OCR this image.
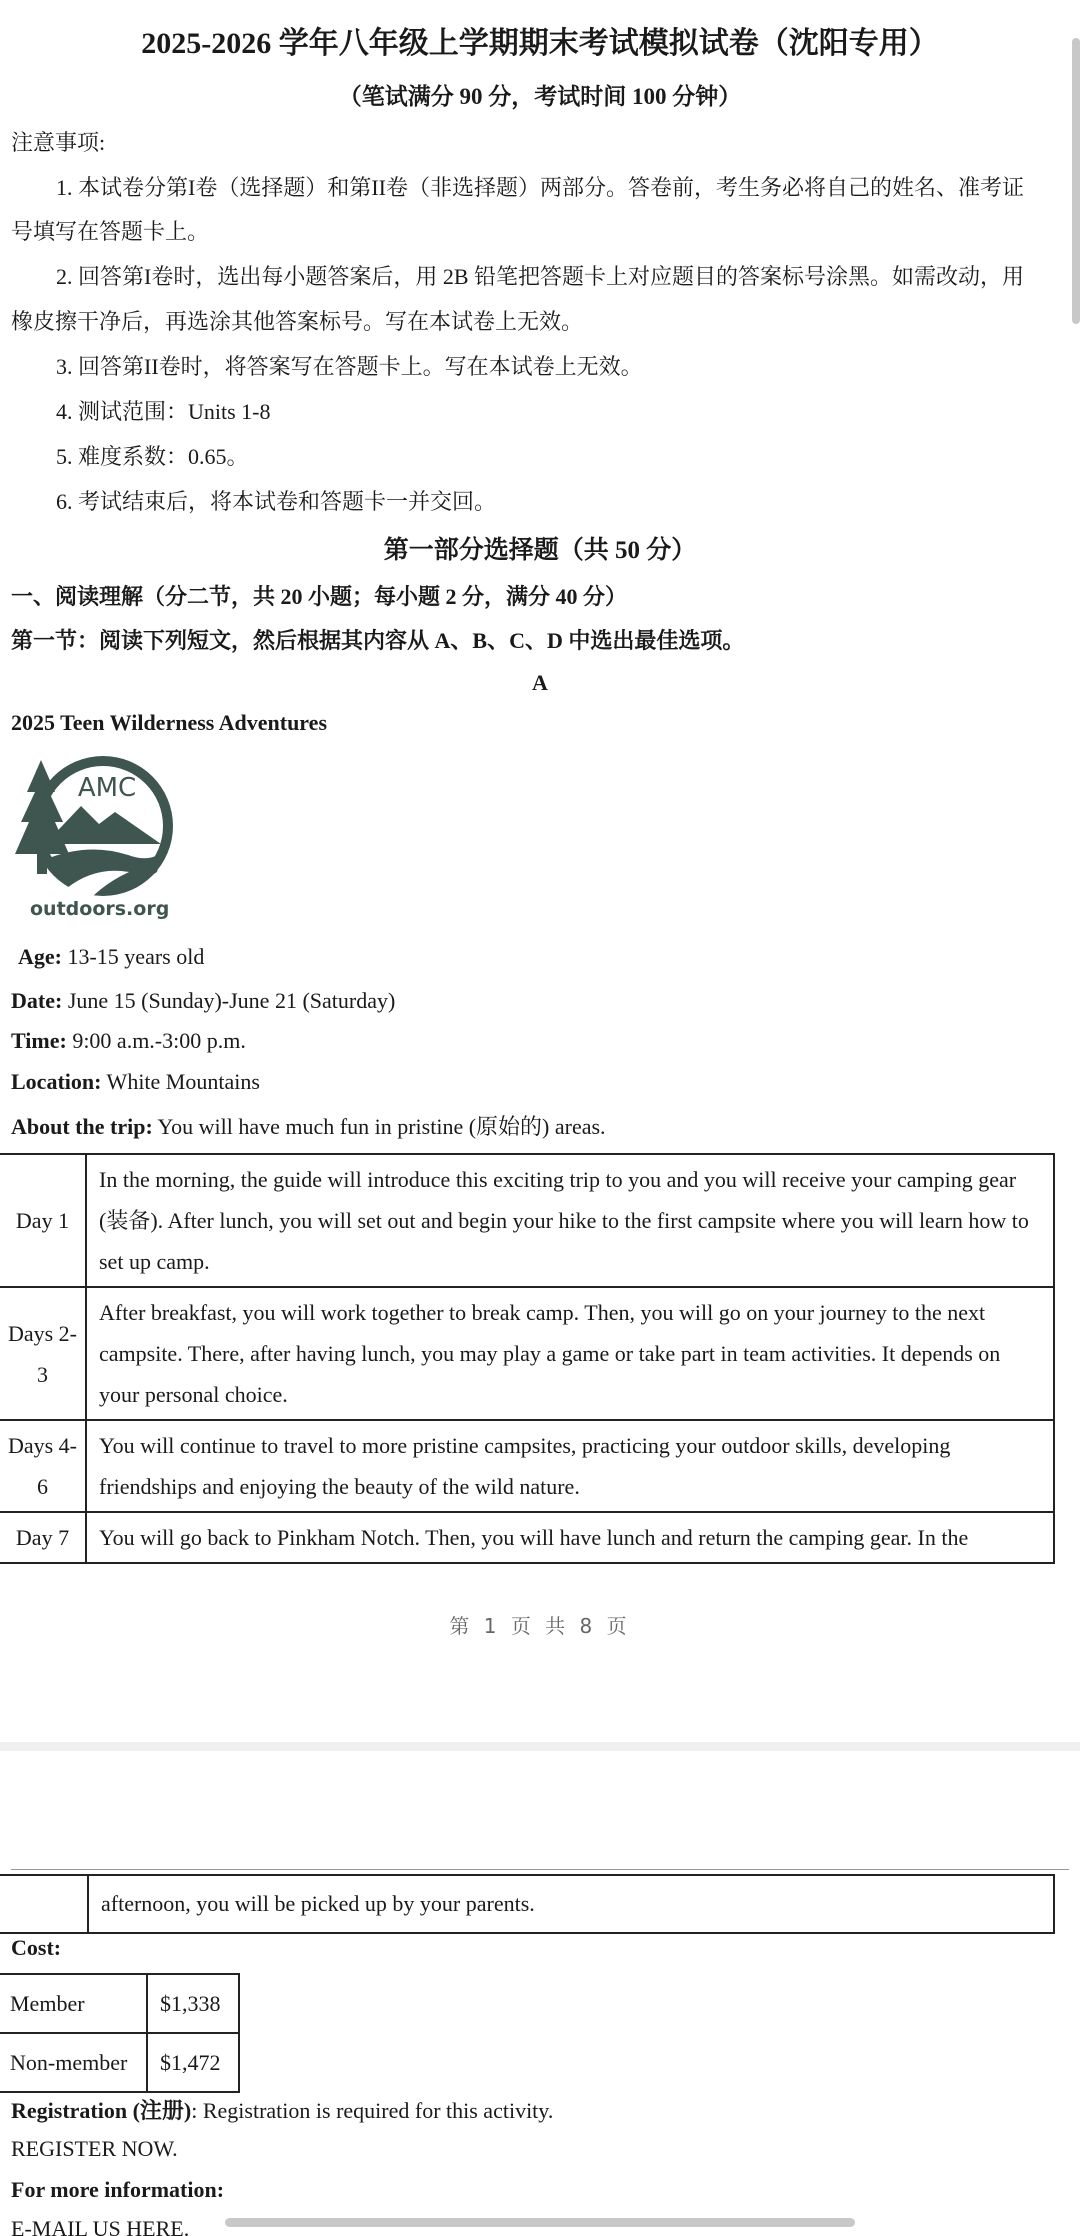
2025-2026 学年八年级上学期期末考试模拟试卷（沈阳专用）
（笔试满分 90 分，考试时间 100 分钟）
注意事项:
1. 本试卷分第I卷（选择题）和第II卷（非选择题）两部分。答卷前，考生务必将自己的姓名、准考证
号填写在答题卡上。
2. 回答第I卷时，选出每小题答案后，用 2B 铅笔把答题卡上对应题目的答案标号涂黑。如需改动，用
橡皮擦干净后，再选涂其他答案标号。写在本试卷上无效。
3. 回答第II卷时，将答案写在答题卡上。写在本试卷上无效。
4. 测试范围：Units 1-8
5. 难度系数：0.65。
6. 考试结束后，将本试卷和答题卡一并交回。
第一部分选择题（共 50 分）
一、阅读理解（分二节，共 20 小题；每小题 2 分，满分 40 分）
第一节：阅读下列短文，然后根据其内容从 A、B、C、D 中选出最佳选项。
A
2025 Teen Wilderness Adventures
AMC
outdoors.org
Age: 13-15 years old
Date: June 15 (Sunday)-June 21 (Saturday)
Time: 9:00 a.m.-3:00 p.m.
Location: White Mountains
About the trip: You will have much fun in pristine (原始的) areas.
Day 1	In the morning, the guide will introduce this exciting trip to you and you will receive your camping gear (装备). After lunch, you will set out and begin your hike to the first campsite where you will learn how to set up camp.
Days 2-3	After breakfast, you will work together to break camp. Then, you will go on your journey to the next campsite. There, after having lunch, you may play a game or take part in team activities. It depends on your personal choice.
Days 4-6	You will continue to travel to more pristine campsites, practicing your outdoor skills, developing friendships and enjoying the beauty of the wild nature.
Day 7	You will go back to Pinkham Notch. Then, you will have lunch and return the camping gear. In the
第 1 页 共 8 页
	afternoon, you will be picked up by your parents.
Cost:
Member	$1,338
Non-member	$1,472
Registration (注册): Registration is required for this activity.
REGISTER NOW.
For more information:
E-MAIL US HERE.
